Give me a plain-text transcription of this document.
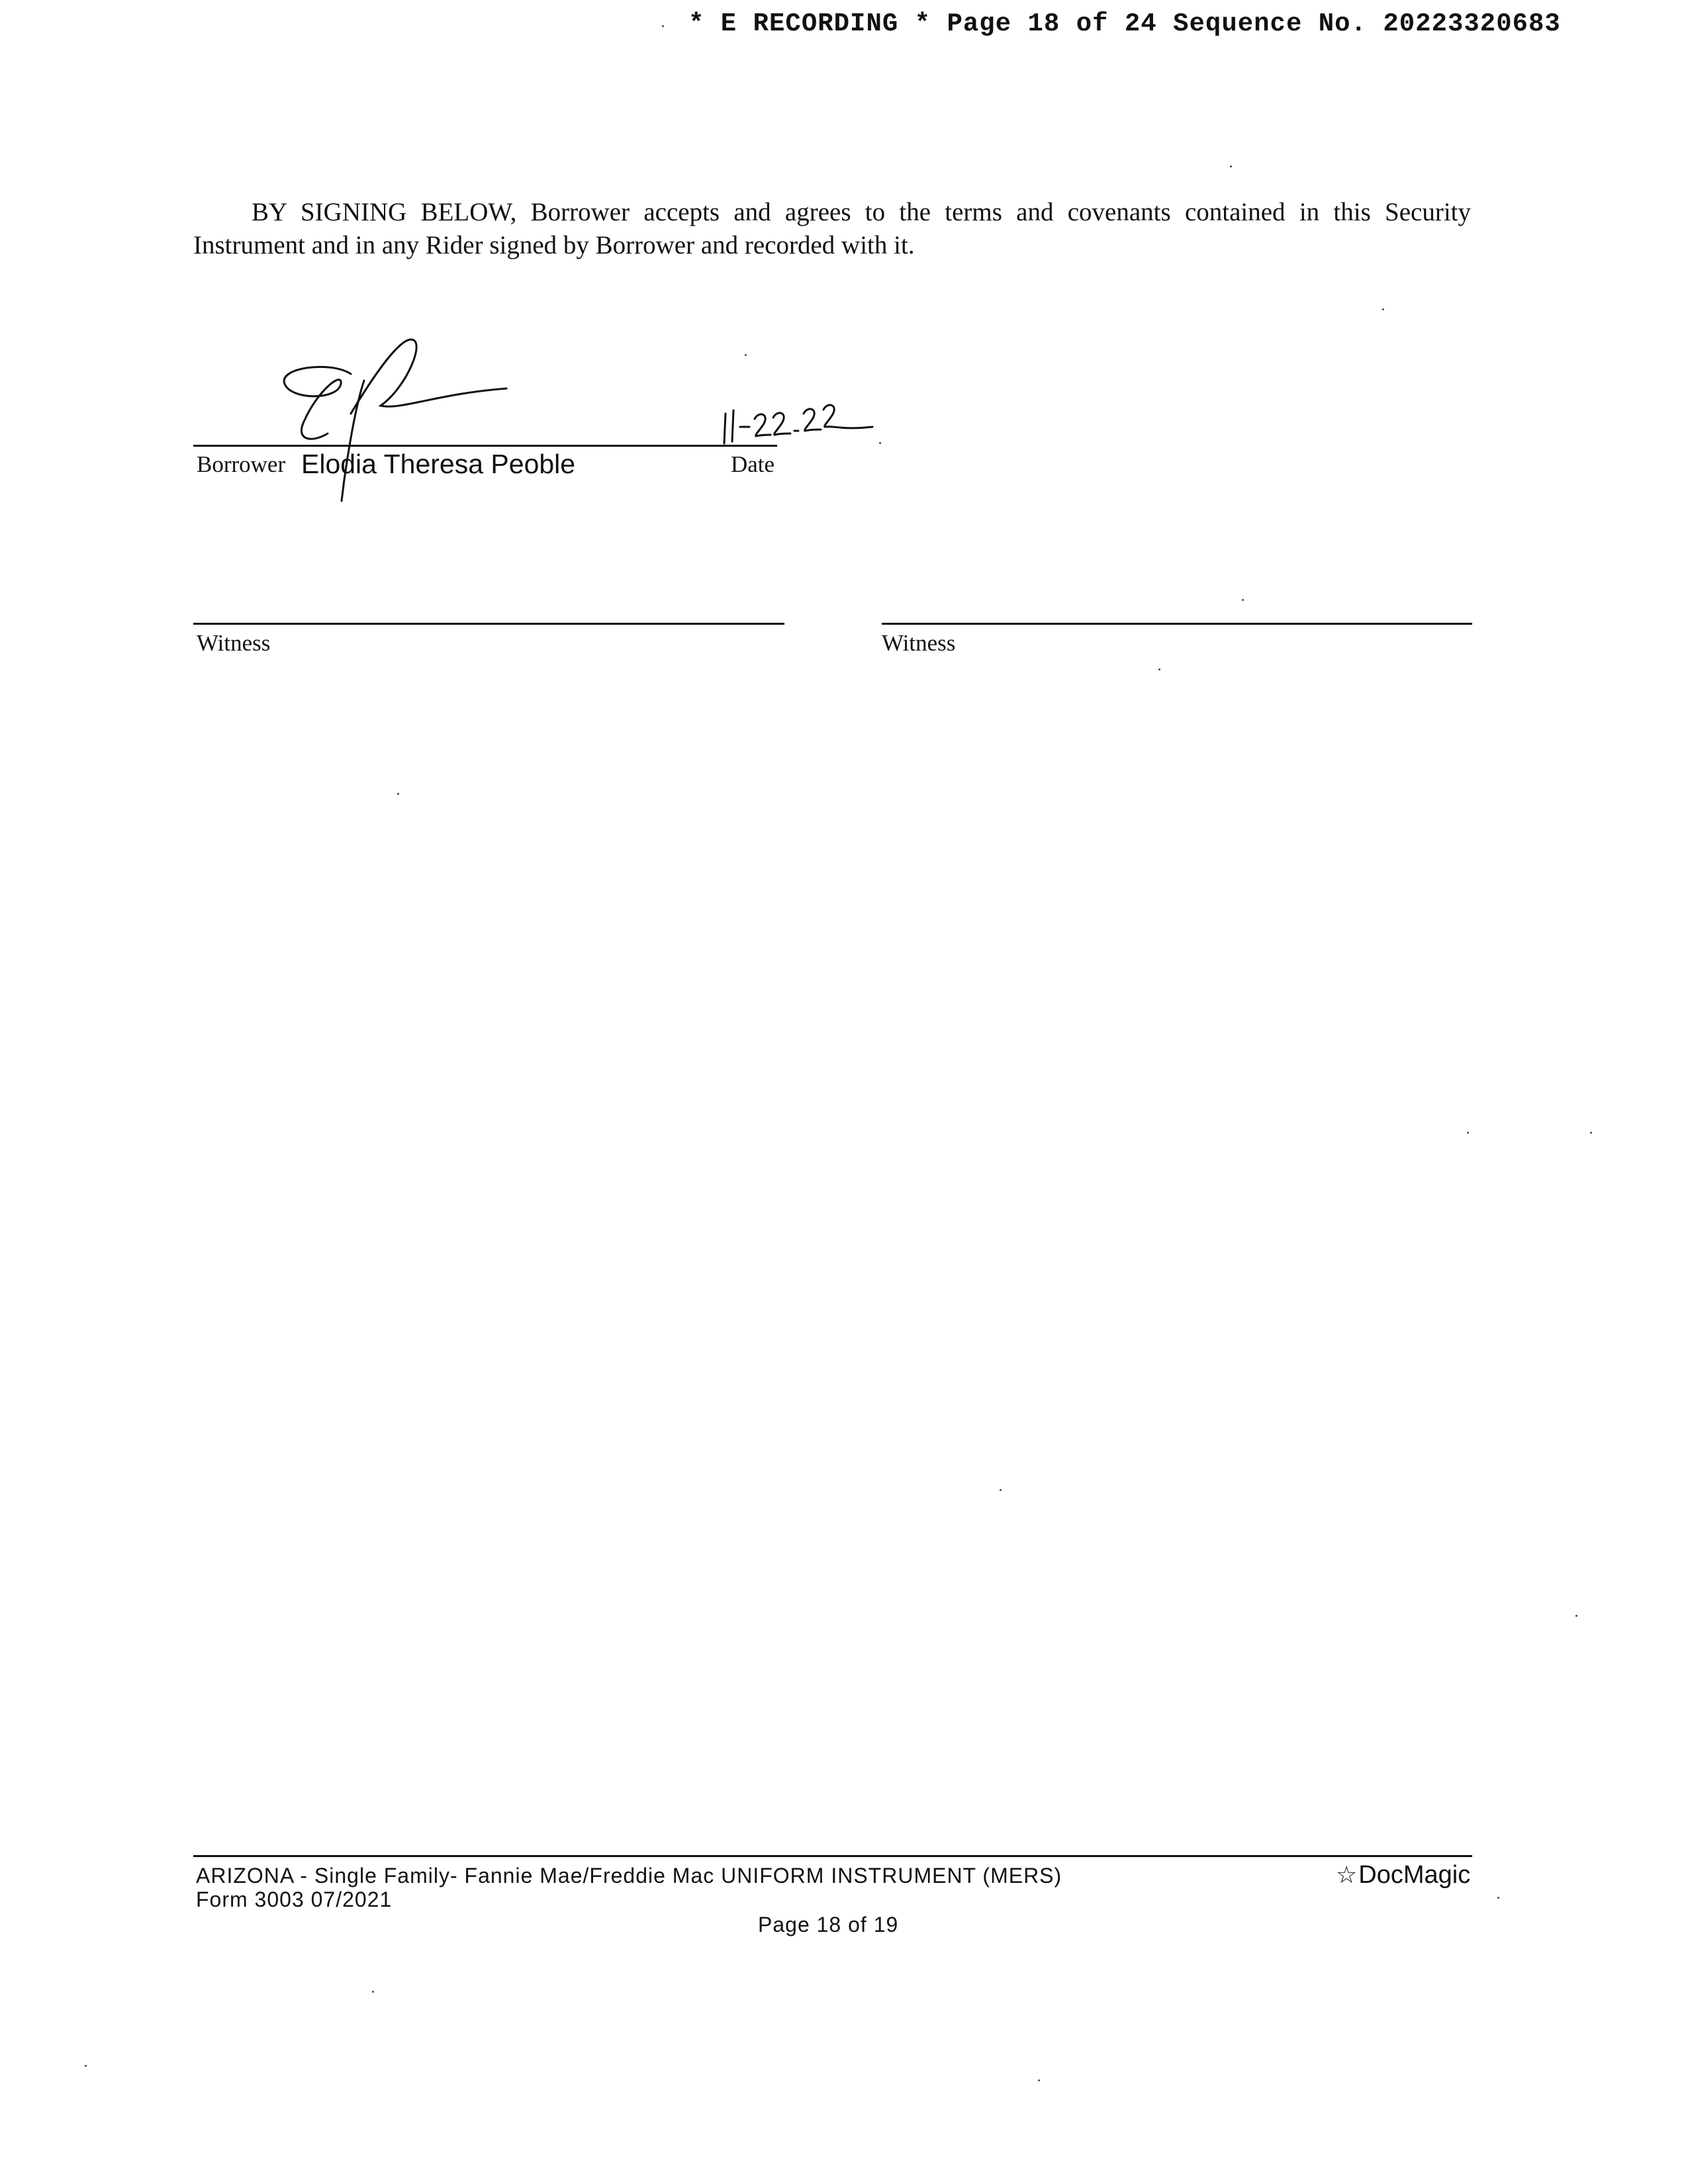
* E RECORDING * Page 18 of 24 Sequence No. 20223320683
BY SIGNING BELOW, Borrower accepts and agrees to the terms and covenants contained in this Security Instrument and in any Rider signed by Borrower and recorded with it.
Borrower Elodia Theresa Peoble	Date
Witness	Witness
ARIZONA - Single Family- Fannie Mae/Freddie Mac UNIFORM INSTRUMENT (MERS)
Form 3003 07/2021
Page 18 of 19
☆DocMagic
